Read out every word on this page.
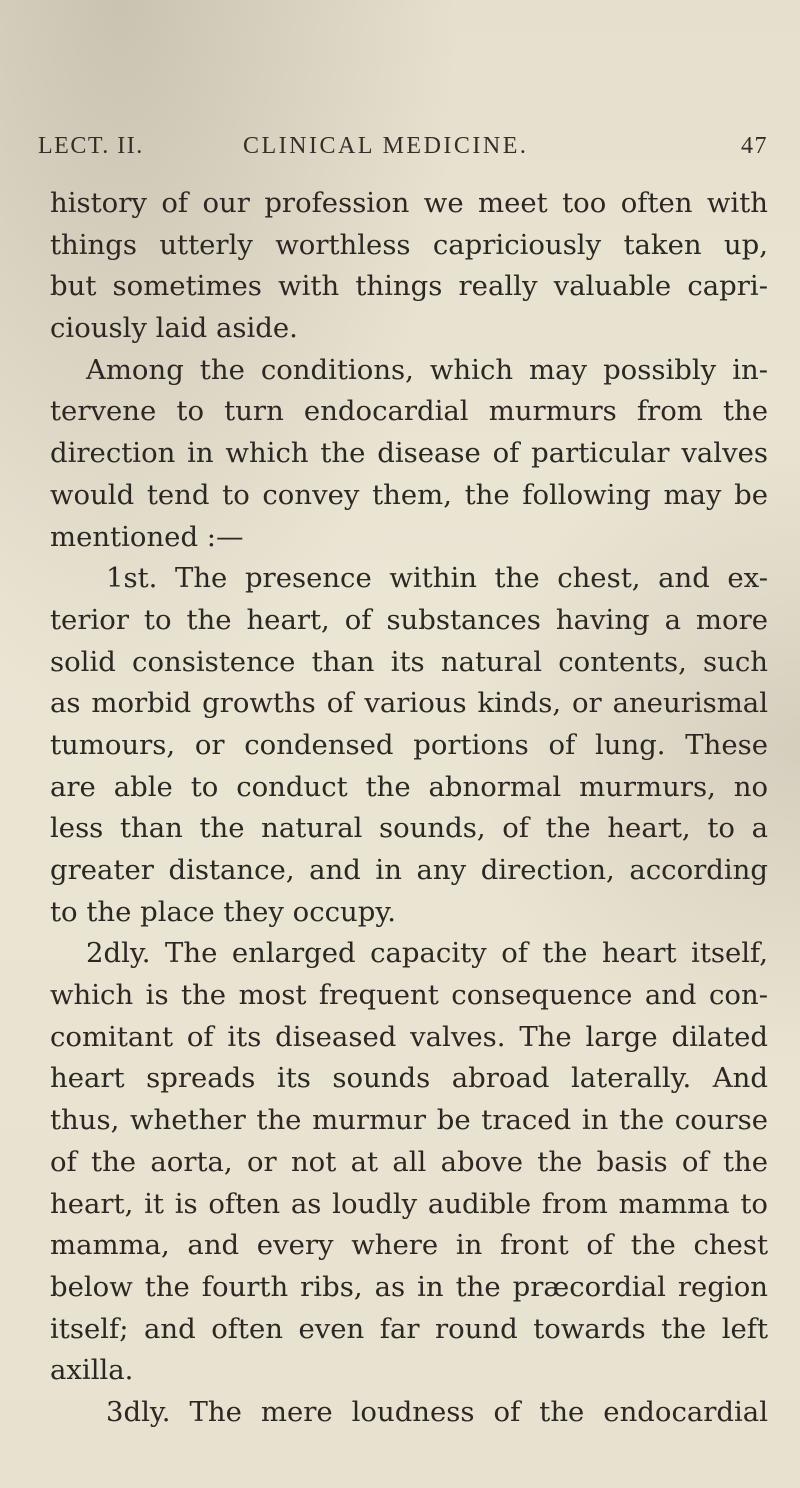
LECT. II.	CLINICAL MEDICINE.	47
history of our profession we meet too often with
things utterly worthless capriciously taken up,
but sometimes with things really valuable capri-
ciously laid aside.
Among the conditions, which may possibly in-
tervene to turn endocardial murmurs from the
direction in which the disease of particular valves
would tend to convey them, the following may be
mentioned :—
1st. The presence within the chest, and ex-
terior to the heart, of substances having a more
solid consistence than its natural contents, such
as morbid growths of various kinds, or aneurismal
tumours, or condensed portions of lung. These
are able to conduct the abnormal murmurs, no
less than the natural sounds, of the heart, to a
greater distance, and in any direction, according
to the place they occupy.
2dly. The enlarged capacity of the heart itself,
which is the most frequent consequence and con-
comitant of its diseased valves. The large dilated
heart spreads its sounds abroad laterally. And
thus, whether the murmur be traced in the course
of the aorta, or not at all above the basis of the
heart, it is often as loudly audible from mamma to
mamma, and every where in front of the chest
below the fourth ribs, as in the præcordial region
itself; and often even far round towards the left
axilla.
3dly. The mere loudness of the endocardial
